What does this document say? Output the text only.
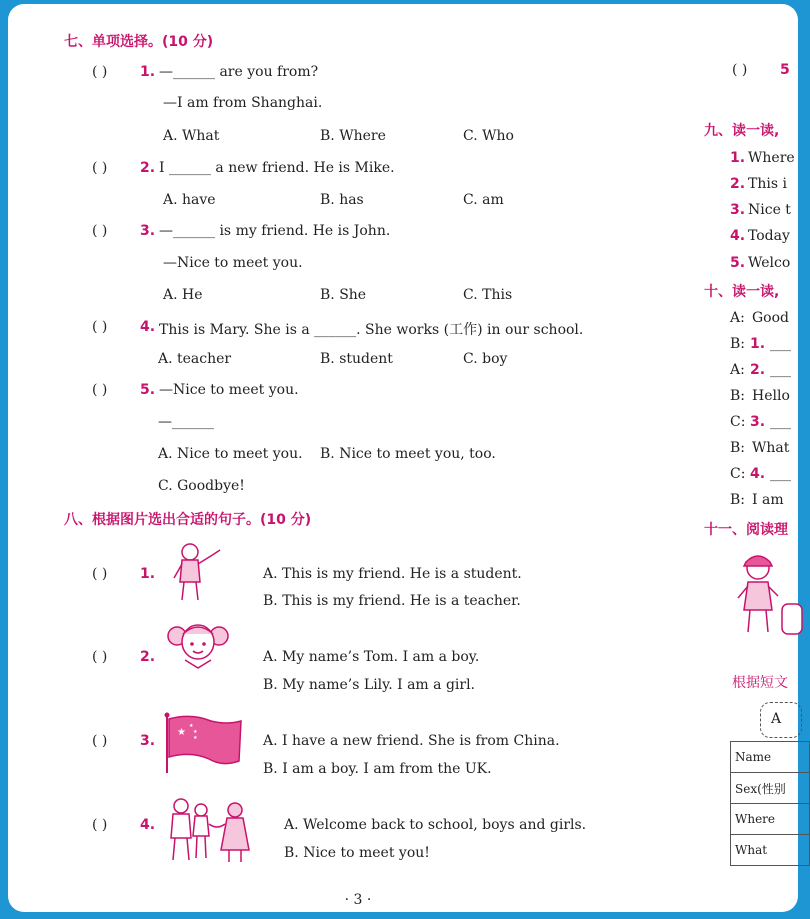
七、单项选择。(10 分)
( ) 1. —______ are you from?
—I am from Shanghai.
A. What	B. Where	C. Who
( ) 2. I ______ a new friend. He is Mike.
A. have	B. has	C. am
( ) 3. —______ is my friend. He is John.
—Nice to meet you.
A. He	B. She	C. This
( ) 4. This is Mary. She is a ______. She works (工作) in our school.
A. teacher	B. student	C. boy
( ) 5. —Nice to meet you.
—______
A. Nice to meet you. B. Nice to meet you, too.
C. Goodbye!
八、根据图片选出合适的句子。(10 分)
( ) 1.	A. This is my friend. He is a student.
B. This is my friend. He is a teacher.
( ) 2.	A. My name’s Tom. I am a boy.
B. My name’s Lily. I am a girl.
( ) 3.
★
★
★
★	A. I have a new friend. She is from China.
B. I am a boy. I am from the UK.
( ) 4.	A. Welcome back to school, boys and girls.
B. Nice to meet you!
( ) 5
九、读一读,
1. Where
2. This i
3. Nice t
4. Today
5. Welco
十、读一读,
A: Good
B: 1. ___
A: 2. ___
B: Hello
C: 3. ___
B: What
C: 4. ___
B: I am
十一、阅读理
根据短文
A
Name
Sex(性别
Where
What
· 3 ·
